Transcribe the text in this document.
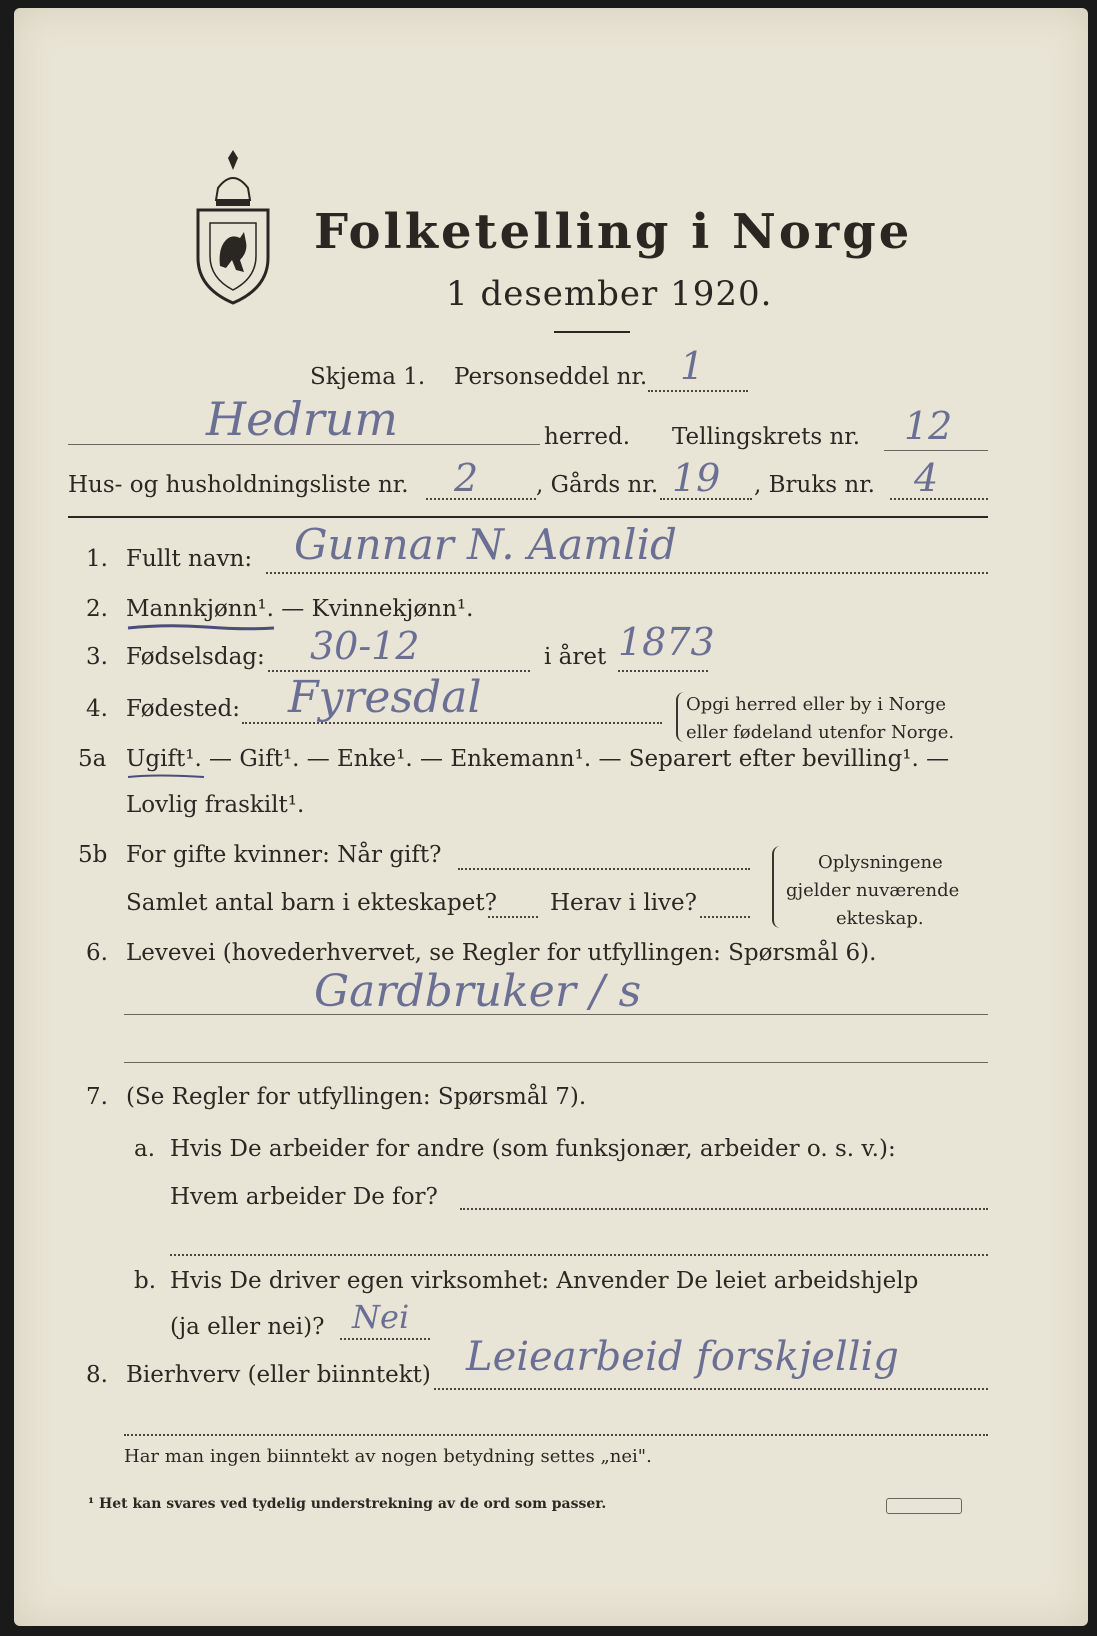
Folketelling i Norge
1 desember 1920.
Skjema 1. Personseddel nr. 1
Hedrum	herred. Tellingskrets nr. 12
Hus- og husholdningsliste nr. 2	, Gårds nr. 19 , Bruks nr. 4
1. Fullt navn: Gunnar N. Aamlid
2. Mannkjønn¹. — Kvinnekjønn¹.
3. Fødselsdag: 30-12	i året 1873
4. Fødested: Fyresdal	Opgi herred eller by i Norge
eller fødeland utenfor Norge.
5a Ugift¹. — Gift¹. — Enke¹. — Enkemann¹. — Separert efter bevilling¹. —
Lovlig fraskilt¹.
5b For gifte kvinner: Når gift?
Samlet antal barn i ekteskapet? Herav i live?
Oplysningene
gjelder nuværende
ekteskap.
6. Levevei (hovederhvervet, se Regler for utfyllingen: Spørsmål 6).
Gardbruker / s
7. (Se Regler for utfyllingen: Spørsmål 7).
a. Hvis De arbeider for andre (som funksjonær, arbeider o. s. v.):
Hvem arbeider De for?
b. Hvis De driver egen virksomhet: Anvender De leiet arbeidshjelp
(ja eller nei)? Nei
8. Bierhverv (eller biinntekt) Leiearbeid forskjellig
Har man ingen biinntekt av nogen betydning settes „nei".
¹ Het kan svares ved tydelig understrekning av de ord som passer.
